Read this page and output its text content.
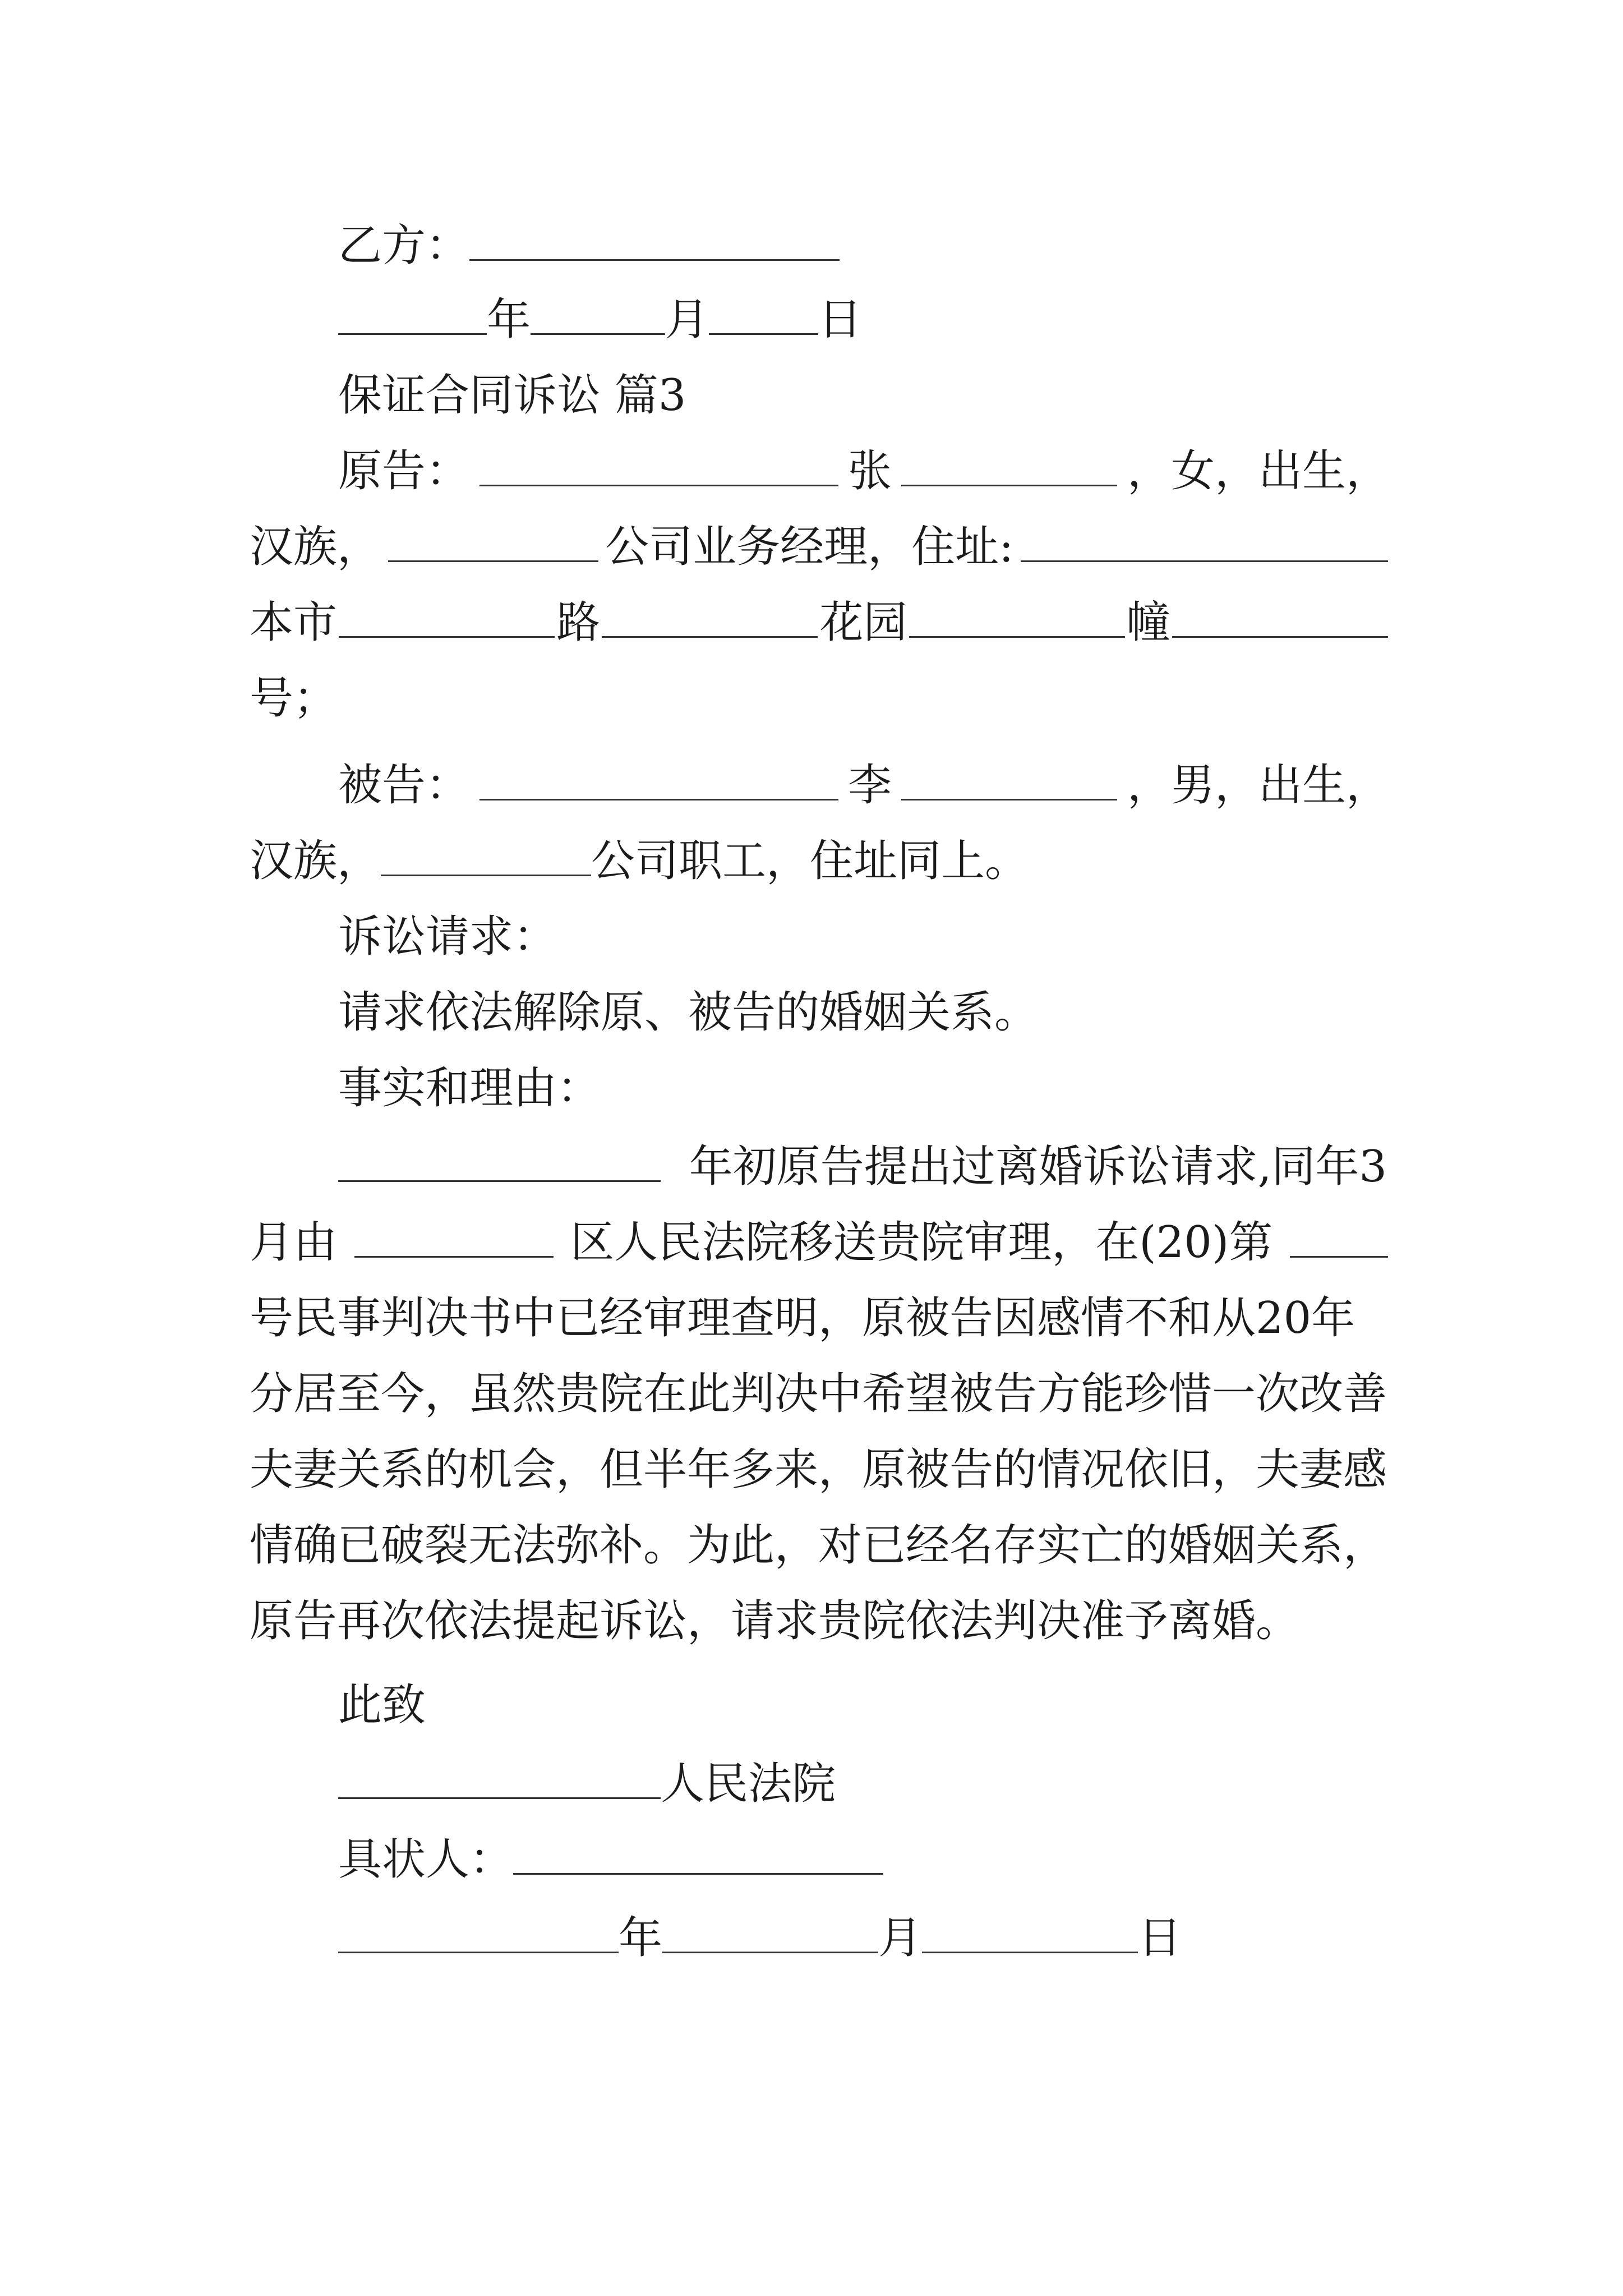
乙方：
年	月	日
保证合同诉讼 篇3
原告：	张	，女，出生，
汉族，	公司业务经理，住址:
本市	路	花园	幢
号；
被告：	李	，男，出生，
汉族，	公司职工，住址同上。
诉讼请求：
请求依法解除原、被告的婚姻关系。
事实和理由：
年初原告提出过离婚诉讼请求,同年3
月由	区人民法院移送贵院审理，在(20)第
号民事判决书中已经审理查明，原被告因感情不和从20年
分居至今，虽然贵院在此判决中希望被告方能珍惜一次改善
夫妻关系的机会，但半年多来，原被告的情况依旧，夫妻感
情确已破裂无法弥补。为此，对已经名存实亡的婚姻关系，
原告再次依法提起诉讼，请求贵院依法判决准予离婚。
此致
人民法院
具状人：
年	月	日
